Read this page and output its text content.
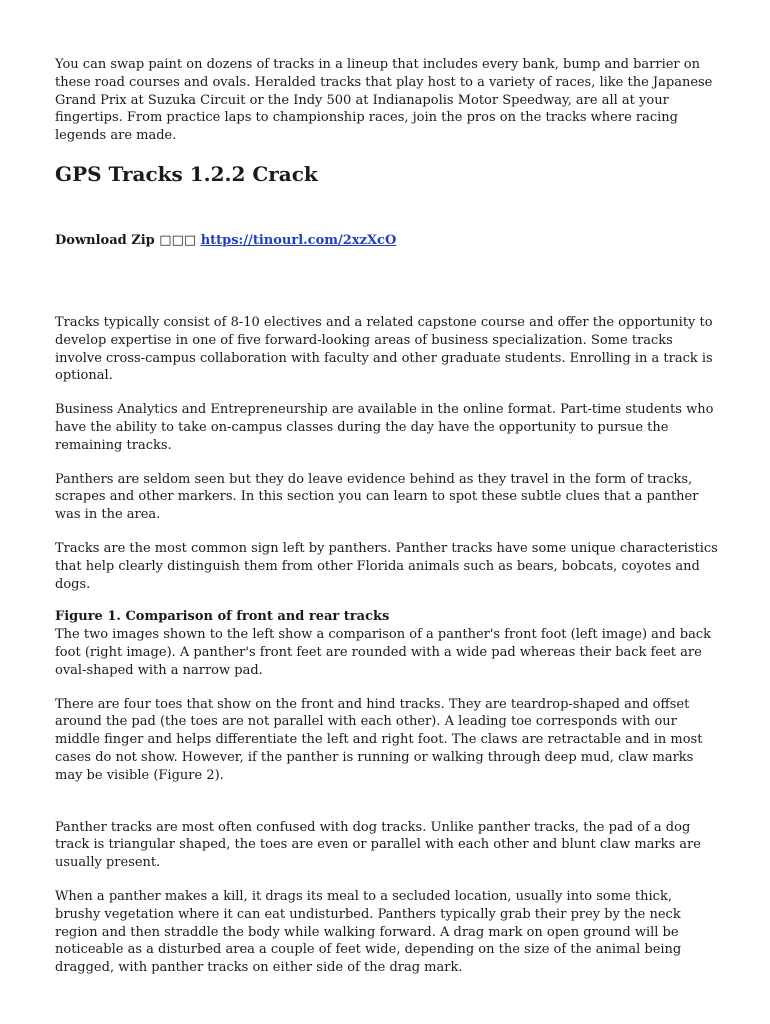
You can swap paint on dozens of tracks in a lineup that includes every bank, bump and barrier on these road courses and ovals. Heralded tracks that play host to a variety of races, like the Japanese Grand Prix at Suzuka Circuit or the Indy 500 at Indianapolis Motor Speedway, are all at your fingertips. From practice laps to championship races, join the pros on the tracks where racing legends are made.

GPS Tracks 1.2.2 Crack
Download Zip □□□ https://tinourl.com/2xzXcO

Tracks typically consist of 8-10 electives and a related capstone course and offer the opportunity to develop expertise in one of five forward-looking areas of business specialization. Some tracks involve cross-campus collaboration with faculty and other graduate students. Enrolling in a track is optional.

Business Analytics and Entrepreneurship are available in the online format. Part-time students who have the ability to take on-campus classes during the day have the opportunity to pursue the remaining tracks.

Panthers are seldom seen but they do leave evidence behind as they travel in the form of tracks, scrapes and other markers. In this section you can learn to spot these subtle clues that a panther was in the area.

Tracks are the most common sign left by panthers. Panther tracks have some unique characteristics that help clearly distinguish them from other Florida animals such as bears, bobcats, coyotes and dogs.

Figure 1. Comparison of front and rear tracks

The two images shown to the left show a comparison of a panther's front foot (left image) and back foot (right image). A panther's front feet are rounded with a wide pad whereas their back feet are oval-shaped with a narrow pad.

There are four toes that show on the front and hind tracks. They are teardrop-shaped and offset around the pad (the toes are not parallel with each other). A leading toe corresponds with our middle finger and helps differentiate the left and right foot. The claws are retractable and in most cases do not show. However, if the panther is running or walking through deep mud, claw marks may be visible (Figure 2).

Panther tracks are most often confused with dog tracks. Unlike panther tracks, the pad of a dog track is triangular shaped, the toes are even or parallel with each other and blunt claw marks are usually present.

When a panther makes a kill, it drags its meal to a secluded location, usually into some thick, brushy vegetation where it can eat undisturbed. Panthers typically grab their prey by the neck region and then straddle the body while walking forward. A drag mark on open ground will be noticeable as a disturbed area a couple of feet wide, depending on the size of the animal being dragged, with panther tracks on either side of the drag mark.
